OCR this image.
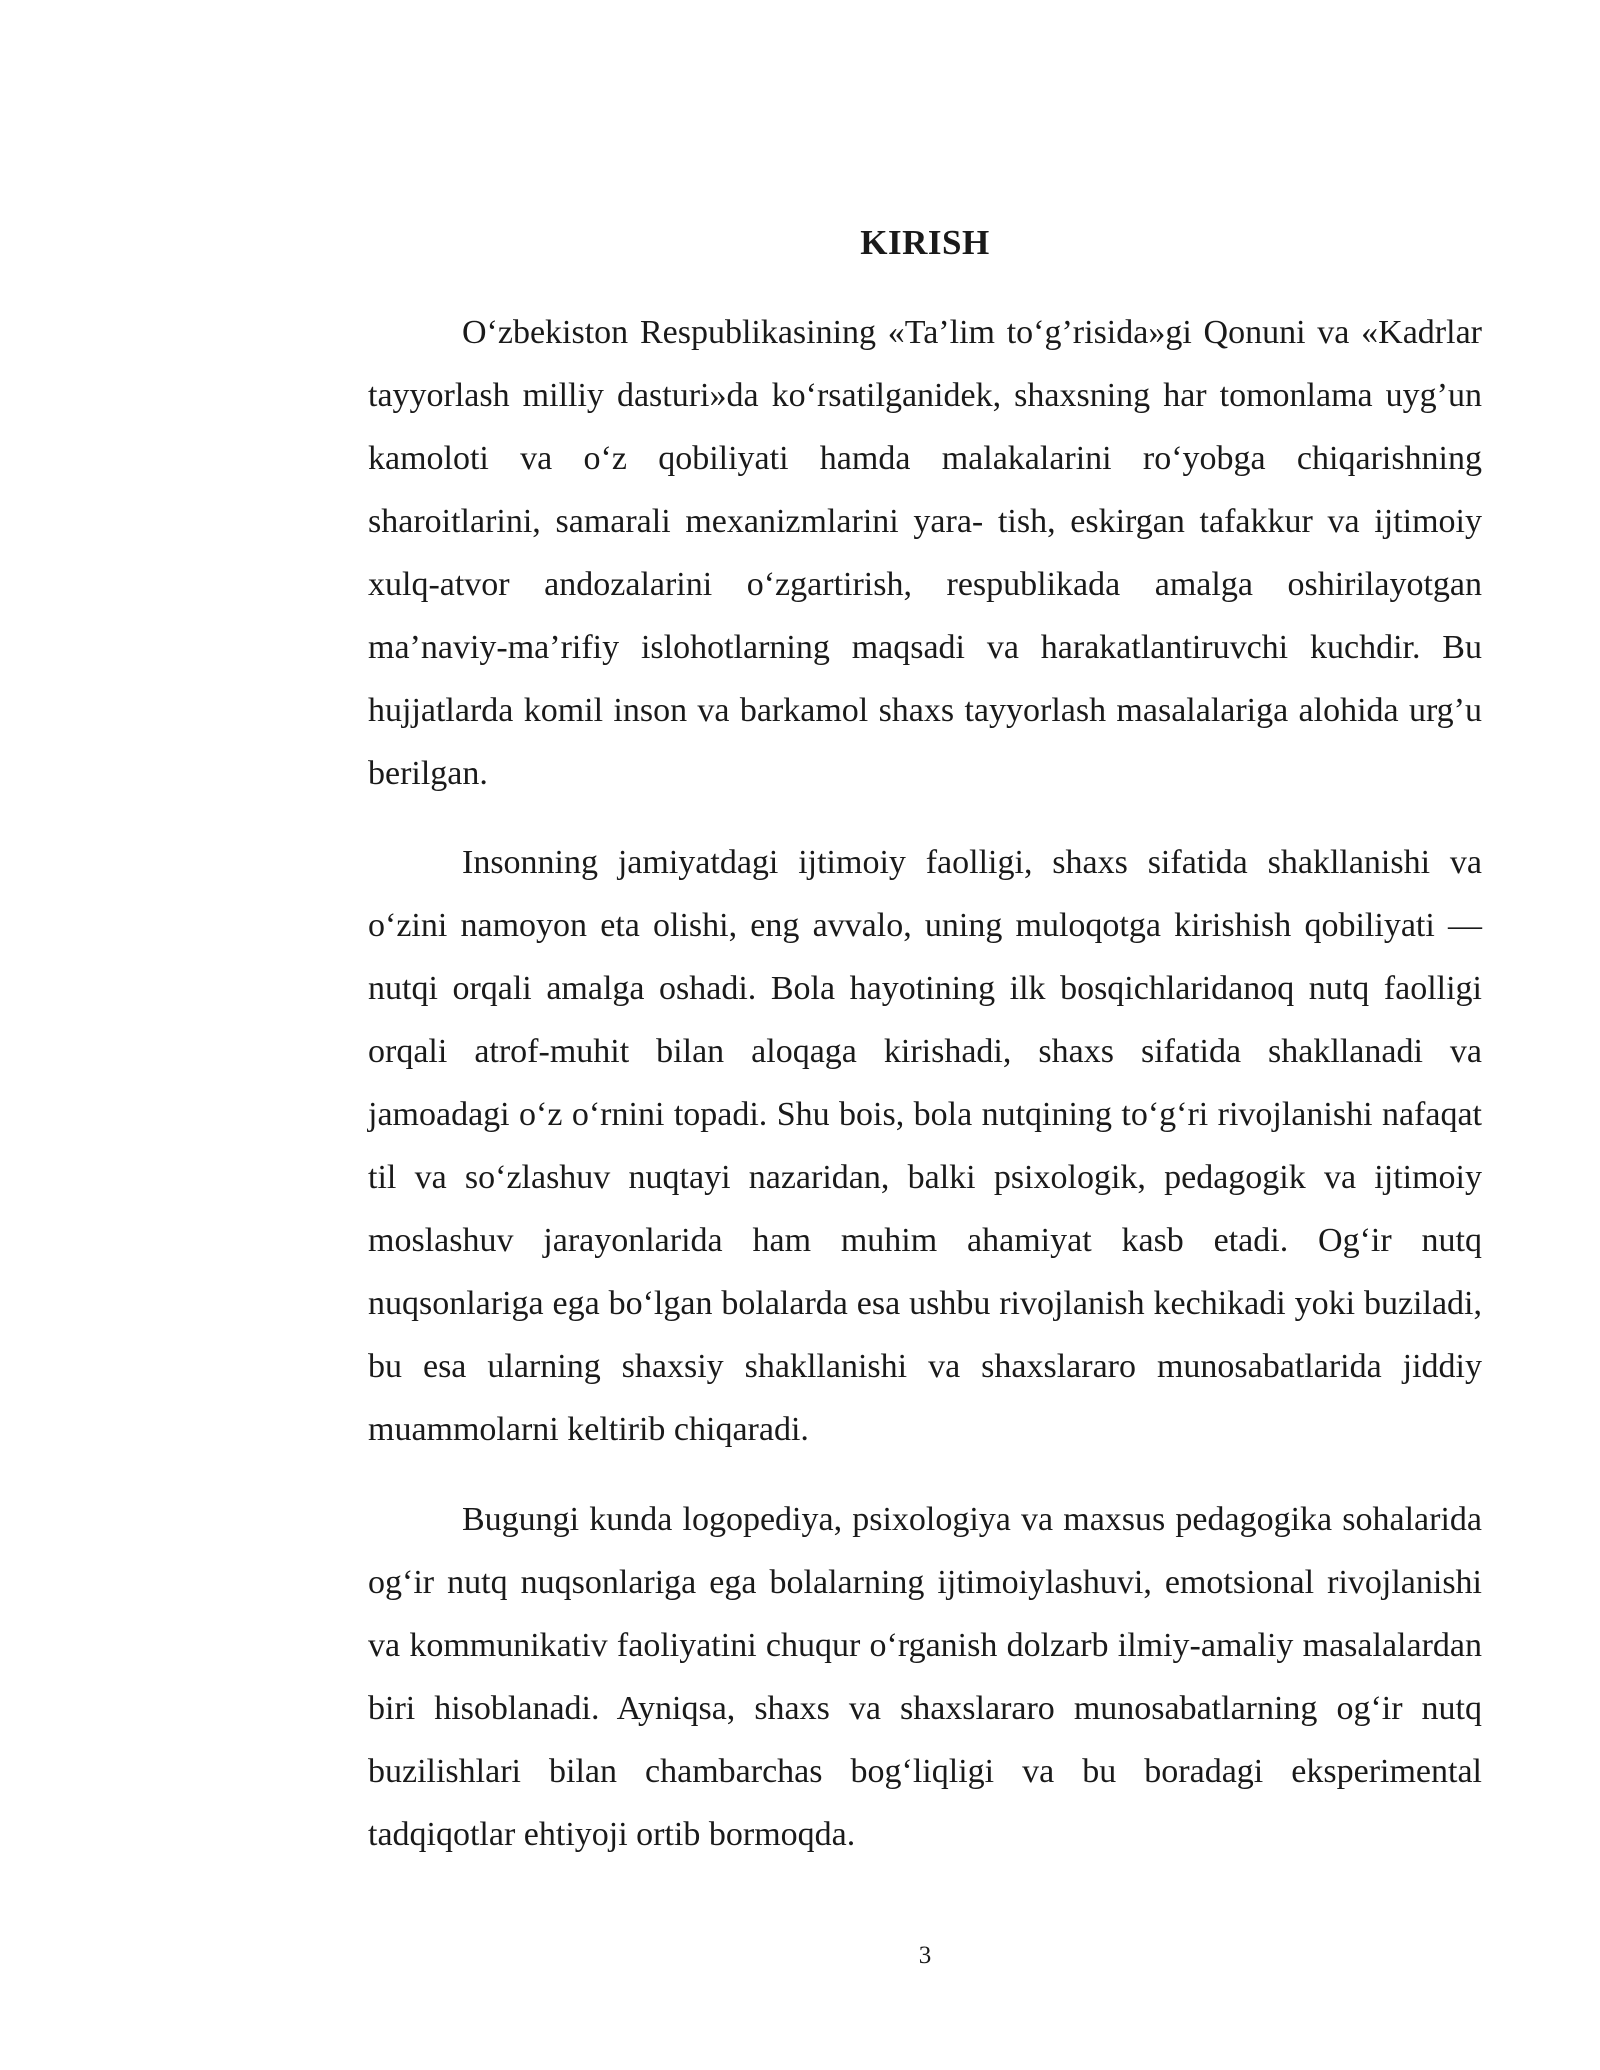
KIRISH

O‘zbekiston Respublikasining «Ta’lim to‘g’risida»gi Qonuni va «Kadrlar tayyorlash milliy dasturi»da ko‘rsatilganidek, shaxsning har tomonlama uyg’un kamoloti va o‘z qobiliyati hamda malakalarini ro‘yobga chiqarishning sharoitlarini, samarali mexanizmlarini yara- tish, eskirgan tafakkur va ijtimoiy xulq-atvor andozalarini o‘zgartirish, respublikada amalga oshirilayotgan ma’naviy-ma’rifiy islohotlarning maqsadi va harakatlantiruvchi kuchdir. Bu hujjatlarda komil inson va barkamol shaxs tayyorlash masalalariga alohida urg’u berilgan.

Insonning jamiyatdagi ijtimoiy faolligi, shaxs sifatida shakllanishi va o‘zini namoyon eta olishi, eng avvalo, uning muloqotga kirishish qobiliyati — nutqi orqali amalga oshadi. Bola hayotining ilk bosqichlaridanoq nutq faolligi orqali atrof-muhit bilan aloqaga kirishadi, shaxs sifatida shakllanadi va jamoadagi o‘z o‘rnini topadi. Shu bois, bola nutqining to‘g‘ri rivojlanishi nafaqat til va so‘zlashuv nuqtayi nazaridan, balki psixologik, pedagogik va ijtimoiy moslashuv jarayonlarida ham muhim ahamiyat kasb etadi. Og‘ir nutq nuqsonlariga ega bo‘lgan bolalarda esa ushbu rivojlanish kechikadi yoki buziladi, bu esa ularning shaxsiy shakllanishi va shaxslararo munosabatlarida jiddiy muammolarni keltirib chiqaradi.

Bugungi kunda logopediya, psixologiya va maxsus pedagogika sohalarida og‘ir nutq nuqsonlariga ega bolalarning ijtimoiylashuvi, emotsional rivojlanishi va kommunikativ faoliyatini chuqur o‘rganish dolzarb ilmiy-amaliy masalalardan biri hisoblanadi. Ayniqsa, shaxs va shaxslararo munosabatlarning og‘ir nutq buzilishlari bilan chambarchas bog‘liqligi va bu boradagi eksperimental tadqiqotlar ehtiyoji ortib bormoqda.

3
